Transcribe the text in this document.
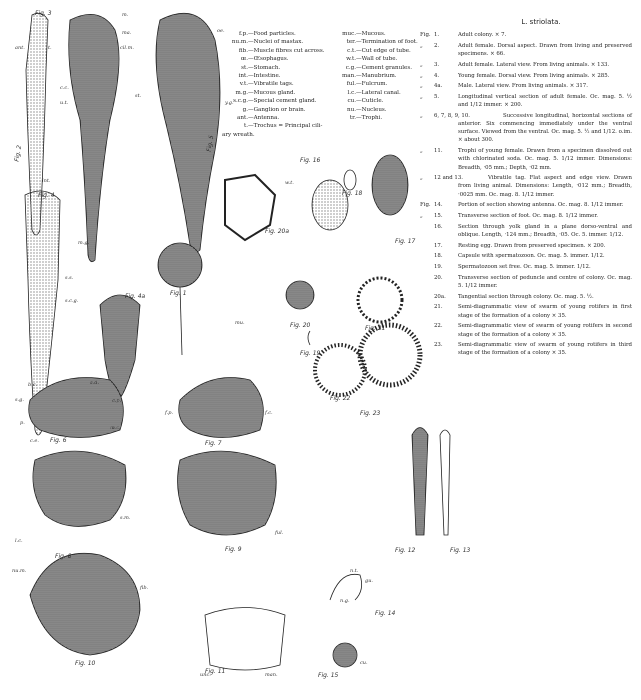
Fig. 2
Fig. 3
Fig. 4
Fig. 4a
Fig. 5
Fig. 1
Fig. 16
Fig. 18
Fig. 17
Fig. 20a
Fig. 20	Fig. 21
Fig. 19
Fig. 22
Fig. 23
Fig. 6	Fig. 7
Fig. 8
Fig. 9
Fig. 10
Fig. 11
Fig. 12	Fig. 13
Fig. 14
Fig. 15
ant.	t.
c.c.
u.t.
int.
m.g.
s.s.
s.c.g.
c.e.
c.p.
m.
ma.
cil.m.
st.
y.g.
oe.
w.t.
mu.
b.c.	s.d.
s.g.
p.
m.c.
f.c.
f.p.
s.m.
l.c.
ful.
nu.m.
fib.
unc.	man.
n.t.
gu.
n.g.
cu.
f.p.—Food particles.
nu.m.—Nuclei of mastax.
fib.—Muscle fibres cut across.
œ.—Œsophagus.
st.—Stomach.
int.—Intestine.
v.t.—Vibratile tags.
m.g.—Mucous gland.
s.c.g.—Special cement gland.
g.—Ganglion or brain.
ant.—Antenna.
t.—Trochus = Principal cili-ary wreath.
muc.—Mucous.
ter.—Termination of foot.
c.t.—Cut edge of tube.
w.t.—Wall of tube.
c.g.—Cement granules.
man.—Manubrium.
ful.—Fulcrum.
l.c.—Lateral canal.
cu.—Cuticle.
nu.—Nucleus.
tr.—Trophi.
L. striolata.
Fig. 1.	Adult colony. × 7.
„	2.	Adult female. Dorsal aspect. Drawn from living and preserved specimens. × 66.
„	3.	Adult female. Lateral view. From living animals. × 133.
„	4.	Young female. Dorsal view. From living animals. × 285.
„	4a.	Male. Lateral view. From living animals. × 317.
„	5.	Longitudinal vertical section of adult female. Oc. mag. 5. ½ and 1/12 immer. × 200.
„	6, 7, 8, 9, 10.	Successive longitudinal, horizontal sections of anterior. Six commencing immediately under the ventral surface. Viewed from the ventral. Oc. mag. 5. ½ and 1/12. o.im. × about 300.
„	11.	Trophi of young female. Drawn from a specimen dissolved out with chlorinated soda. Oc. mag. 5. 1/12 immer. Dimensions: Breadth, ·05 mm.; Depth, ·02 mm.
„	12 and 13.	Vibratile tag. Flat aspect and edge view. Drawn from living animal. Dimensions: Length, ·012 mm.; Breadth, ·0025 mm. Oc. mag. 8. 1/12 immer.
Fig. 14.	Portion of section showing antenna. Oc. mag. 8. 1/12 immer.
„	15.	Transverse section of foot. Oc. mag. 8. 1/12 immer.
16.	Section through yolk gland in a plane dorso-ventral and oblique. Length, ·124 mm.; Breadth, ·05. Oc. 5. immer. 1/12.
17.	Resting egg. Drawn from preserved specimen. × 200.
18.	Capsule with spermatozoon. Oc. mag. 5. immer. 1/12.
19.	Spermatozoon set free. Oc. mag. 5. immer. 1/12.
20.	Transverse section of peduncle and centre of colony. Oc. mag. 5. 1/12 immer.
20a. Tangential section through colony. Oc. mag. 5. ½.
21.	Semi-diagrammatic view of swarm of young rotifers in first stage of the formation of a colony × 35.
22.	Semi-diagrammatic view of swarm of young rotifers in second stage of the formation of a colony × 35.
23.	Semi-diagrammatic view of swarm of young rotifers in third stage of the formation of a colony × 35.
